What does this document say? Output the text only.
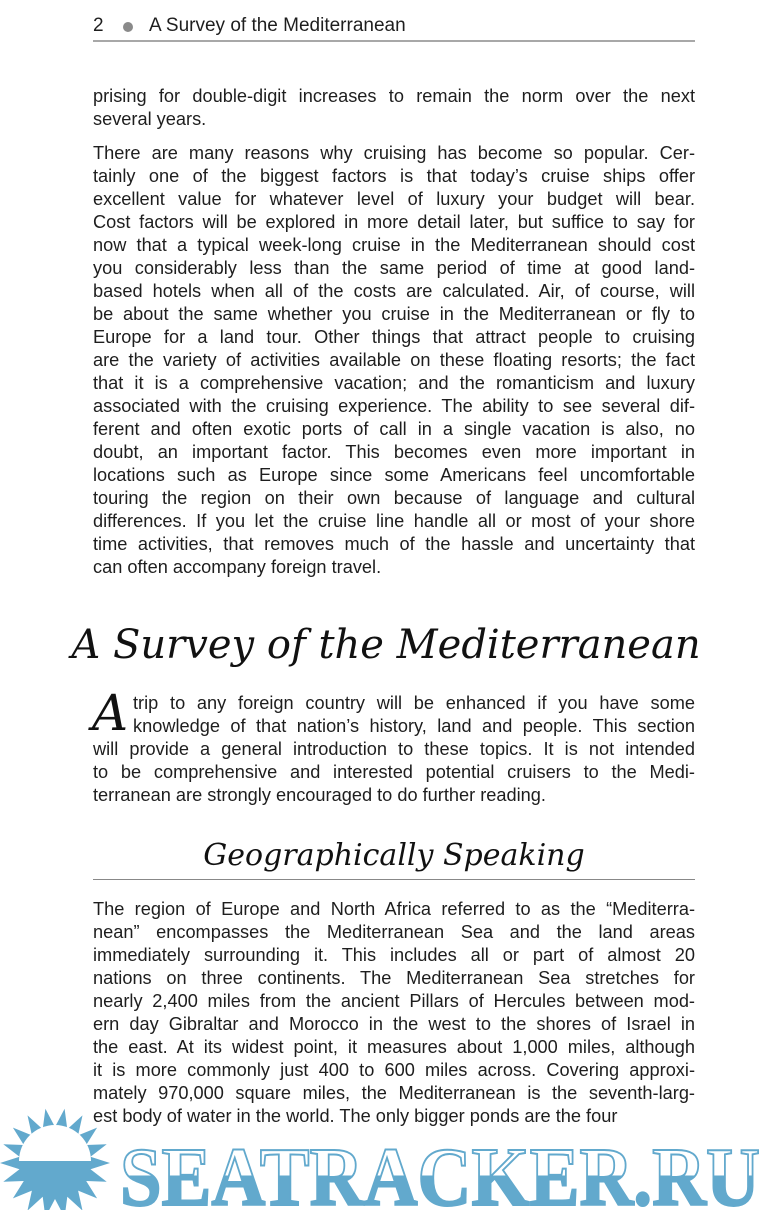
2 A Survey of the Mediterranean
prising for double-digit increases to remain the norm over the next
several years.
There are many reasons why cruising has become so popular. Cer-
tainly one of the biggest factors is that today’s cruise ships offer
excellent value for whatever level of luxury your budget will bear.
Cost factors will be explored in more detail later, but suffice to say for
now that a typical week-long cruise in the Mediterranean should cost
you considerably less than the same period of time at good land-
based hotels when all of the costs are calculated. Air, of course, will
be about the same whether you cruise in the Mediterranean or fly to
Europe for a land tour. Other things that attract people to cruising
are the variety of activities available on these floating resorts; the fact
that it is a comprehensive vacation; and the romanticism and luxury
associated with the cruising experience. The ability to see several dif-
ferent and often exotic ports of call in a single vacation is also, no
doubt, an important factor. This becomes even more important in
locations such as Europe since some Americans feel uncomfortable
touring the region on their own because of language and cultural
differences. If you let the cruise line handle all or most of your shore
time activities, that removes much of the hassle and uncertainty that
can often accompany foreign travel.
A Survey of the Mediterranean
A trip to any foreign country will be enhanced if you have some
knowledge of that nation’s history, land and people. This section
will provide a general introduction to these topics. It is not intended
to be comprehensive and interested potential cruisers to the Medi-
terranean are strongly encouraged to do further reading.
Geographically Speaking
The region of Europe and North Africa referred to as the “Mediterra-
nean” encompasses the Mediterranean Sea and the land areas
immediately surrounding it. This includes all or part of almost 20
nations on three continents. The Mediterranean Sea stretches for
nearly 2,400 miles from the ancient Pillars of Hercules between mod-
ern day Gibraltar and Morocco in the west to the shores of Israel in
the east. At its widest point, it measures about 1,000 miles, although
it is more commonly just 400 to 600 miles across. Covering approxi-
mately 970,000 square miles, the Mediterranean is the seventh-larg-
est body of water in the world. The only bigger ponds are the four
SEATRACKER.RU
